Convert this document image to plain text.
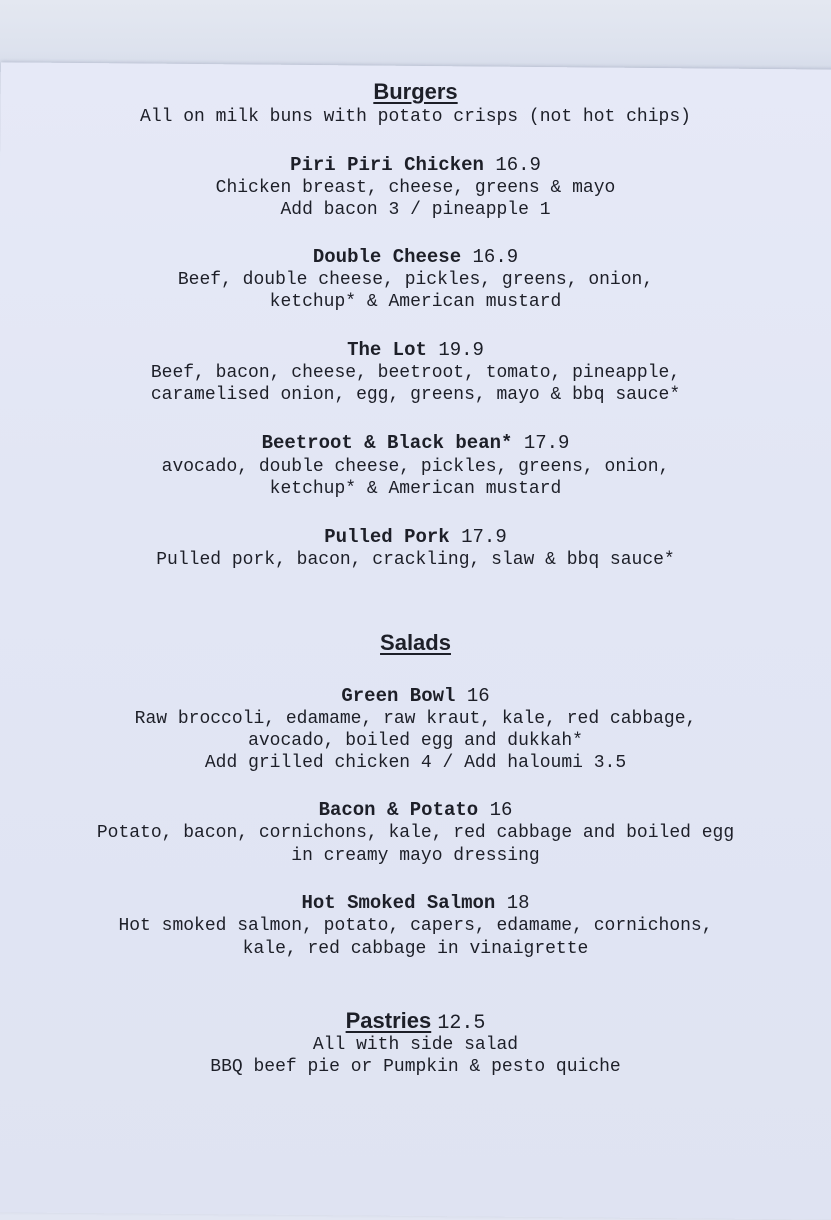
Burgers
All on milk buns with potato crisps (not hot chips)
Piri Piri Chicken 16.9
Chicken breast, cheese, greens & mayo
Add bacon 3 / pineapple 1
Double Cheese 16.9
Beef, double cheese, pickles, greens, onion,
ketchup* & American mustard
The Lot 19.9
Beef, bacon, cheese, beetroot, tomato, pineapple,
caramelised onion, egg, greens, mayo & bbq sauce*
Beetroot & Black bean* 17.9
avocado, double cheese, pickles, greens, onion,
ketchup* & American mustard
Pulled Pork 17.9
Pulled pork, bacon, crackling, slaw & bbq sauce*
Salads
Green Bowl 16
Raw broccoli, edamame, raw kraut, kale, red cabbage,
avocado, boiled egg and dukkah*
Add grilled chicken 4 / Add haloumi 3.5
Bacon & Potato 16
Potato, bacon, cornichons, kale, red cabbage and boiled egg
in creamy mayo dressing
Hot Smoked Salmon 18
Hot smoked salmon, potato, capers, edamame, cornichons,
kale, red cabbage in vinaigrette
Pastries 12.5
All with side salad
BBQ beef pie or Pumpkin & pesto quiche
